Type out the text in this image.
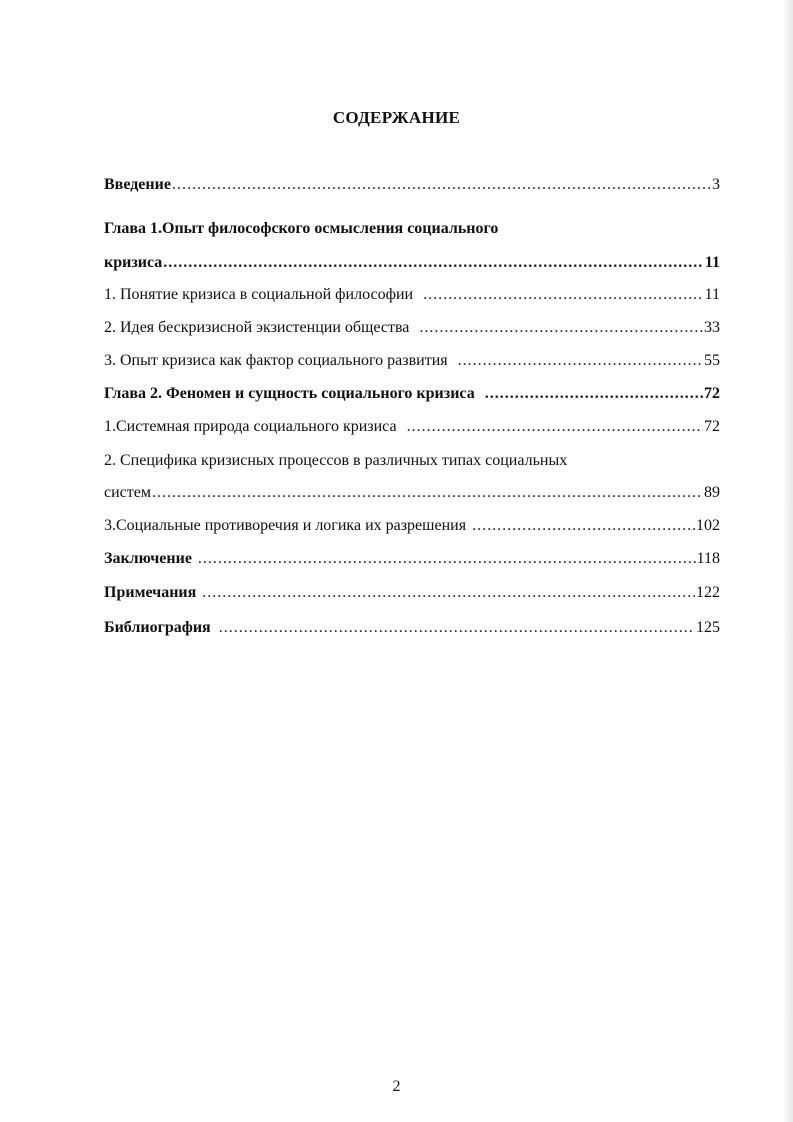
СОДЕРЖАНИЕ
Введение .....	3
Глава 1.Опыт философского осмысления социального
кризиса .....	11
1. Понятие кризиса в социальной философии .....	11
2. Идея бескризисной экзистенции общества .....	33
3. Опыт кризиса как фактор социального развития .....	55
Глава 2. Феномен и сущность социального кризиса .....	72
1.Системная природа социального кризиса .....	72
2. Специфика кризисных процессов в различных типах социальных
систем .....	89
3.Социальные противоречия и логика их разрешения .....	102
Заключение .....	118
Примечания .....	122
Библиография .....	125
2
